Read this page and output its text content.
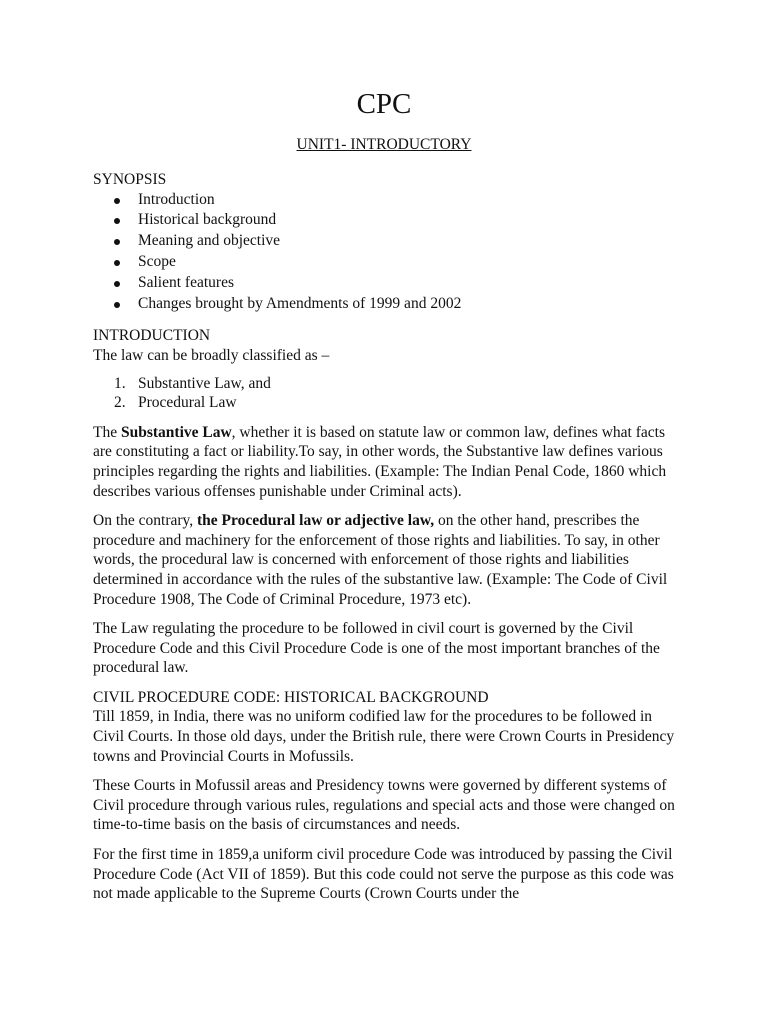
CPC
UNIT1- INTRODUCTORY
SYNOPSIS
Introduction
Historical background
Meaning and objective
Scope
Salient features
Changes brought by Amendments of 1999 and 2002
INTRODUCTION
The law can be broadly classified as –
1. Substantive Law, and
2. Procedural Law

The Substantive Law, whether it is based on statute law or common law, defines what facts are constituting a fact or liability.To say, in other words, the Substantive law defines various principles regarding the rights and liabilities. (Example: The Indian Penal Code, 1860 which describes various offenses punishable under Criminal acts).

On the contrary, the Procedural law or adjective law, on the other hand, prescribes the procedure and machinery for the enforcement of those rights and liabilities. To say, in other words, the procedural law is concerned with enforcement of those rights and liabilities determined in accordance with the rules of the substantive law. (Example: The Code of Civil Procedure 1908, The Code of Criminal Procedure, 1973 etc).

The Law regulating the procedure to be followed in civil court is governed by the Civil Procedure Code and this Civil Procedure Code is one of the most important branches of the procedural law.

CIVIL PROCEDURE CODE: HISTORICAL BACKGROUND

Till 1859, in India, there was no uniform codified law for the procedures to be followed in Civil Courts. In those old days, under the British rule, there were Crown Courts in Presidency towns and Provincial Courts in Mofussils.

These Courts in Mofussil areas and Presidency towns were governed by different systems of Civil procedure through various rules, regulations and special acts and those were changed on time-to-time basis on the basis of circumstances and needs.

For the first time in 1859,a uniform civil procedure Code was introduced by passing the Civil Procedure Code (Act VII of 1859). But this code could not serve the purpose as this code was not made applicable to the Supreme Courts (Crown Courts under the
